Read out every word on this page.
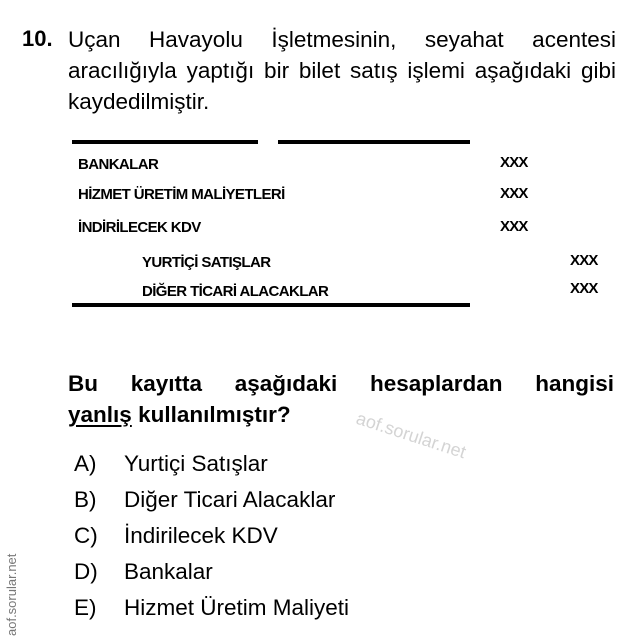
10. Uçan Havayolu İşletmesinin, seyahat acentesi aracılığıyla yaptığı bir bilet satış işlemi aşağıdaki gibi kaydedilmiştir.
BANKALAR	XXX
HİZMET ÜRETİM MALİYETLERİ	XXX
İNDİRİLECEK KDV	XXX
YURTİÇİ SATIŞLAR	XXX
DİĞER TİCARİ ALACAKLAR	XXX
Bu kayıtta aşağıdaki hesaplardan hangisi
yanlış kullanılmıştır?
A) Yurtiçi Satışlar
B) Diğer Ticari Alacaklar
C) İndirilecek KDV
D) Bankalar
E) Hizmet Üretim Maliyeti
aof.sorular.net
aof.sorular.net
